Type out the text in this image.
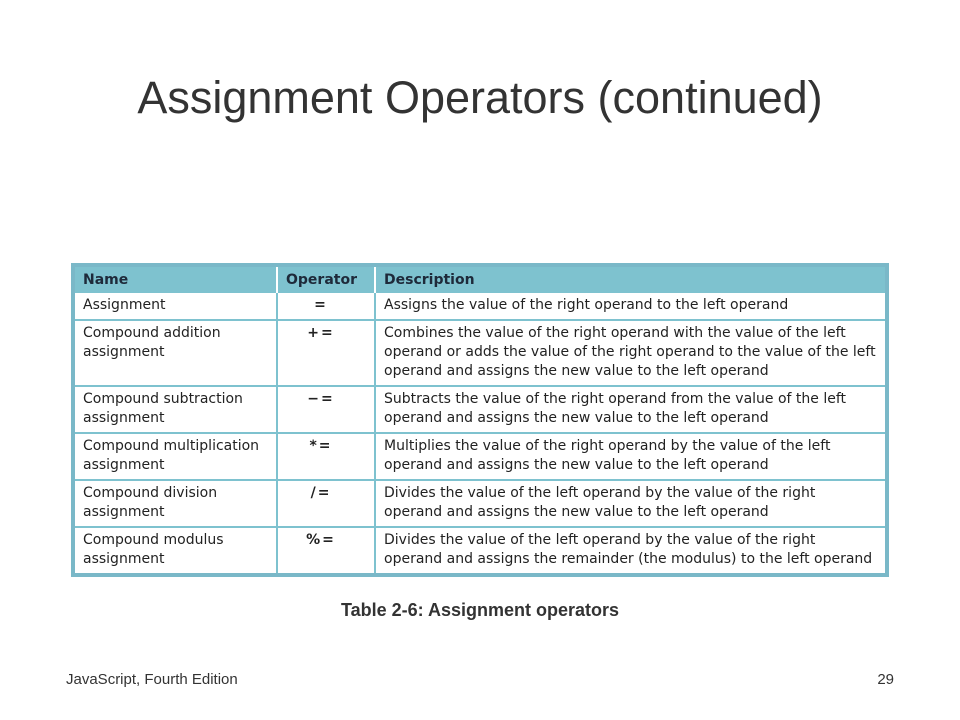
Assignment Operators (continued)
Name	Operator	Description
Assignment	=	Assigns the value of the right operand to the left operand
Compound addition assignment	+=	Combines the value of the right operand with the value of the left operand or adds the value of the right operand to the value of the left operand and assigns the new value to the left operand
Compound subtraction assignment	−=	Subtracts the value of the right operand from the value of the left operand and assigns the new value to the left operand
Compound multiplication assignment	*=	Multiplies the value of the right operand by the value of the left operand and assigns the new value to the left operand
Compound division assignment	/=	Divides the value of the left operand by the value of the right operand and assigns the new value to the left operand
Compound modulus assignment	%=	Divides the value of the left operand by the value of the right operand and assigns the remainder (the modulus) to the left operand
Table 2-6: Assignment operators
JavaScript, Fourth Edition	29
